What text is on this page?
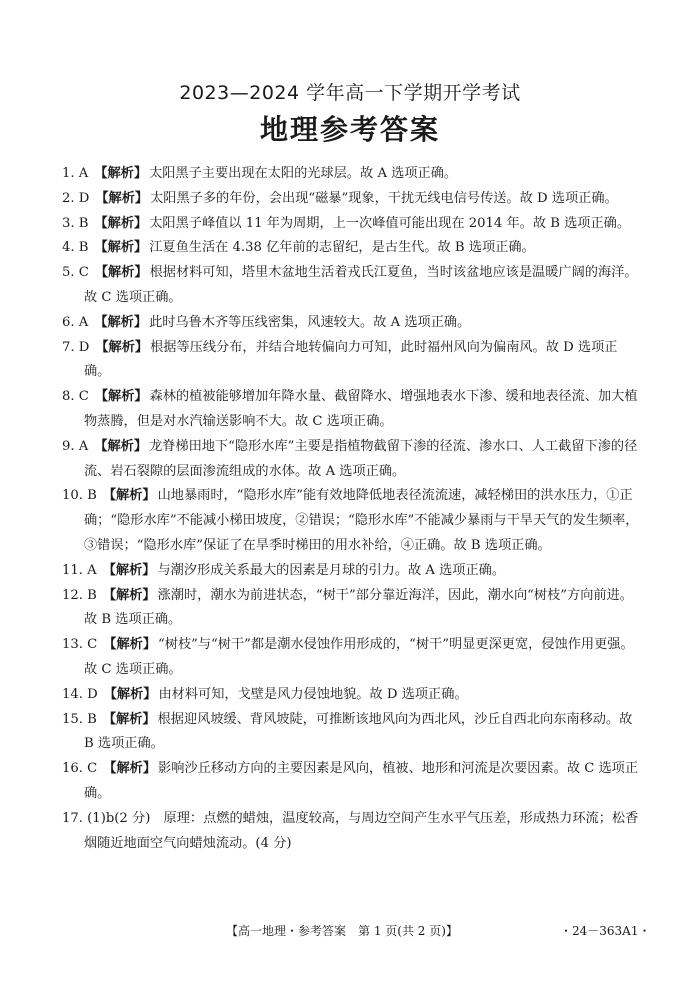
2023—2024 学年高一下学期开学考试
地理参考答案

1. A 【解析】 太阳黑子主要出现在太阳的光球层。故 A 选项正确。

2. D 【解析】 太阳黑子多的年份，会出现“磁暴”现象，干扰无线电信号传送。故 D 选项正确。

3. B 【解析】 太阳黑子峰值以 11 年为周期，上一次峰值可能出现在 2014 年。故 B 选项正确。

4. B 【解析】 江夏鱼生活在 4.38 亿年前的志留纪，是古生代。故 B 选项正确。

5. C 【解析】 根据材料可知，塔里木盆地生活着戎氏江夏鱼，当时该盆地应该是温暖广阔的海洋。故 C 选项正确。

6. A 【解析】 此时乌鲁木齐等压线密集，风速较大。故 A 选项正确。

7. D 【解析】 根据等压线分布，并结合地转偏向力可知，此时福州风向为偏南风。故 D 选项正确。

8. C 【解析】 森林的植被能够增加年降水量、截留降水、增强地表水下渗、缓和地表径流、加大植物蒸腾，但是对水汽输送影响不大。故 C 选项正确。

9. A 【解析】 龙脊梯田地下“隐形水库”主要是指植物截留下渗的径流、渗水口、人工截留下渗的径流、岩石裂隙的层面渗流组成的水体。故 A 选项正确。

10. B 【解析】 山地暴雨时，“隐形水库”能有效地降低地表径流流速，减轻梯田的洪水压力，①正确；“隐形水库”不能减小梯田坡度，②错误；“隐形水库”不能减少暴雨与干旱天气的发生频率，③错误；“隐形水库”保证了在旱季时梯田的用水补给，④正确。故 B 选项正确。

11. A 【解析】 与潮汐形成关系最大的因素是月球的引力。故 A 选项正确。

12. B 【解析】 涨潮时，潮水为前进状态，“树干”部分靠近海洋，因此，潮水向“树枝”方向前进。故 B 选项正确。

13. C 【解析】 “树枝”与“树干”都是潮水侵蚀作用形成的，“树干”明显更深更宽，侵蚀作用更强。故 C 选项正确。

14. D 【解析】 由材料可知，戈壁是风力侵蚀地貌。故 D 选项正确。

15. B 【解析】 根据迎风坡缓、背风坡陡，可推断该地风向为西北风，沙丘自西北向东南移动。故 B 选项正确。

16. C 【解析】 影响沙丘移动方向的主要因素是风向，植被、地形和河流是次要因素。故 C 选项正确。

17. (1)b(2 分)　原理：点燃的蜡烛，温度较高，与周边空间产生水平气压差，形成热力环流；松香烟随近地面空气向蜡烛流动。(4 分)

【高一地理・参考答案　第 1 页(共 2 页)】	・24－363A1・
